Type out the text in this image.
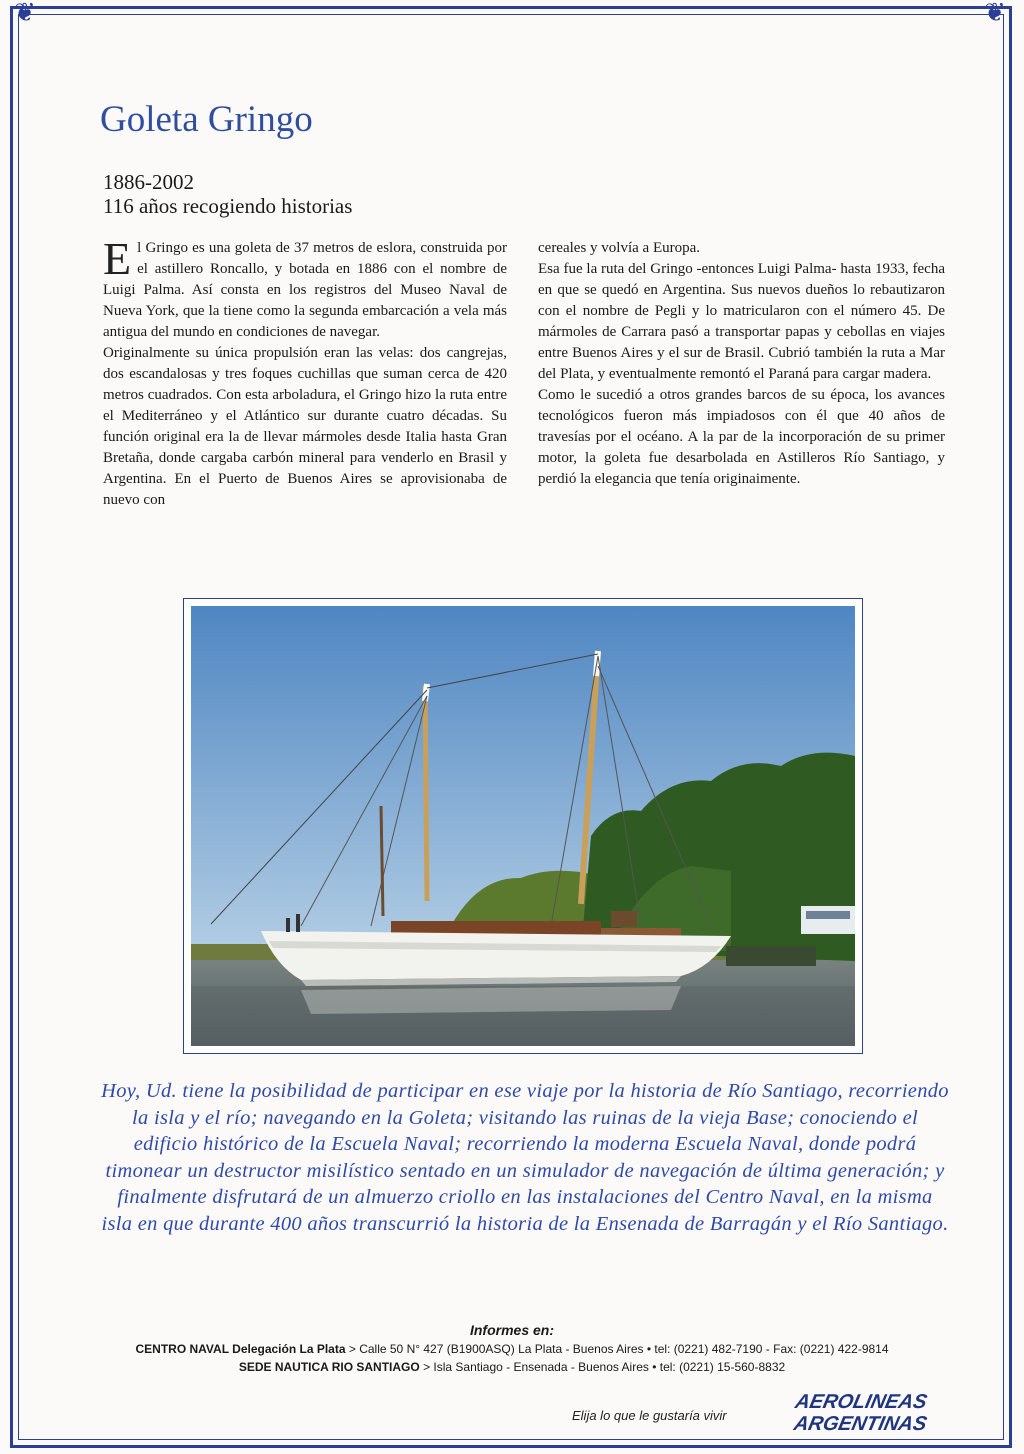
❦	❦
Goleta Gringo
1886-2002
116 años recogiendo historias

El Gringo es una goleta de 37 metros de eslora, construida por el astillero Roncallo, y botada en 1886 con el nombre de Luigi Palma. Así consta en los registros del Museo Naval de Nueva York, que la tiene como la segunda embarcación a vela más antigua del mundo en condiciones de navegar.

Originalmente su única propulsión eran las velas: dos cangrejas, dos escandalosas y tres foques cuchillas que suman cerca de 420 metros cuadrados. Con esta arboladura, el Gringo hizo la ruta entre el Mediterráneo y el Atlántico sur durante cuatro décadas. Su función original era la de llevar mármoles desde Italia hasta Gran Bretaña, donde cargaba carbón mineral para venderlo en Brasil y Argentina. En el Puerto de Buenos Aires se aprovisionaba de nuevo con

cereales y volvía a Europa.

Esa fue la ruta del Gringo -entonces Luigi Palma- hasta 1933, fecha en que se quedó en Argentina. Sus nuevos dueños lo rebautizaron con el nombre de Pegli y lo matricularon con el número 45. De mármoles de Carrara pasó a transportar papas y cebollas en viajes entre Buenos Aires y el sur de Brasil. Cubrió también la ruta a Mar del Plata, y eventualmente remontó el Paraná para cargar madera.

Como le sucedió a otros grandes barcos de su época, los avances tecnológicos fueron más impiadosos con él que 40 años de travesías por el océano. A la par de la incorporación de su primer motor, la goleta fue desarbolada en Astilleros Río Santiago, y perdió la elegancia que tenía originaimente.

Hoy, Ud. tiene la posibilidad de participar en ese viaje por la historia de Río Santiago, recorriendo la isla y el río; navegando en la Goleta; visitando las ruinas de la vieja Base; conociendo el edificio histórico de la Escuela Naval; recorriendo la moderna Escuela Naval, donde podrá timonear un destructor misilístico sentado en un simulador de navegación de última generación; y finalmente disfrutará de un almuerzo criollo en las instalaciones del Centro Naval, en la misma isla en que durante 400 años transcurrió la historia de la Ensenada de Barragán y el Río Santiago.

Informes en:
CENTRO NAVAL Delegación La Plata > Calle 50 N° 427 (B1900ASQ) La Plata - Buenos Aires • tel: (0221) 482-7190 - Fax: (0221) 422-9814
SEDE NAUTICA RIO SANTIAGO > Isla Santiago - Ensenada - Buenos Aires • tel: (0221) 15-560-8832
Elija lo que le gustaría vivir
AEROLINEAS
ARGENTINAS
